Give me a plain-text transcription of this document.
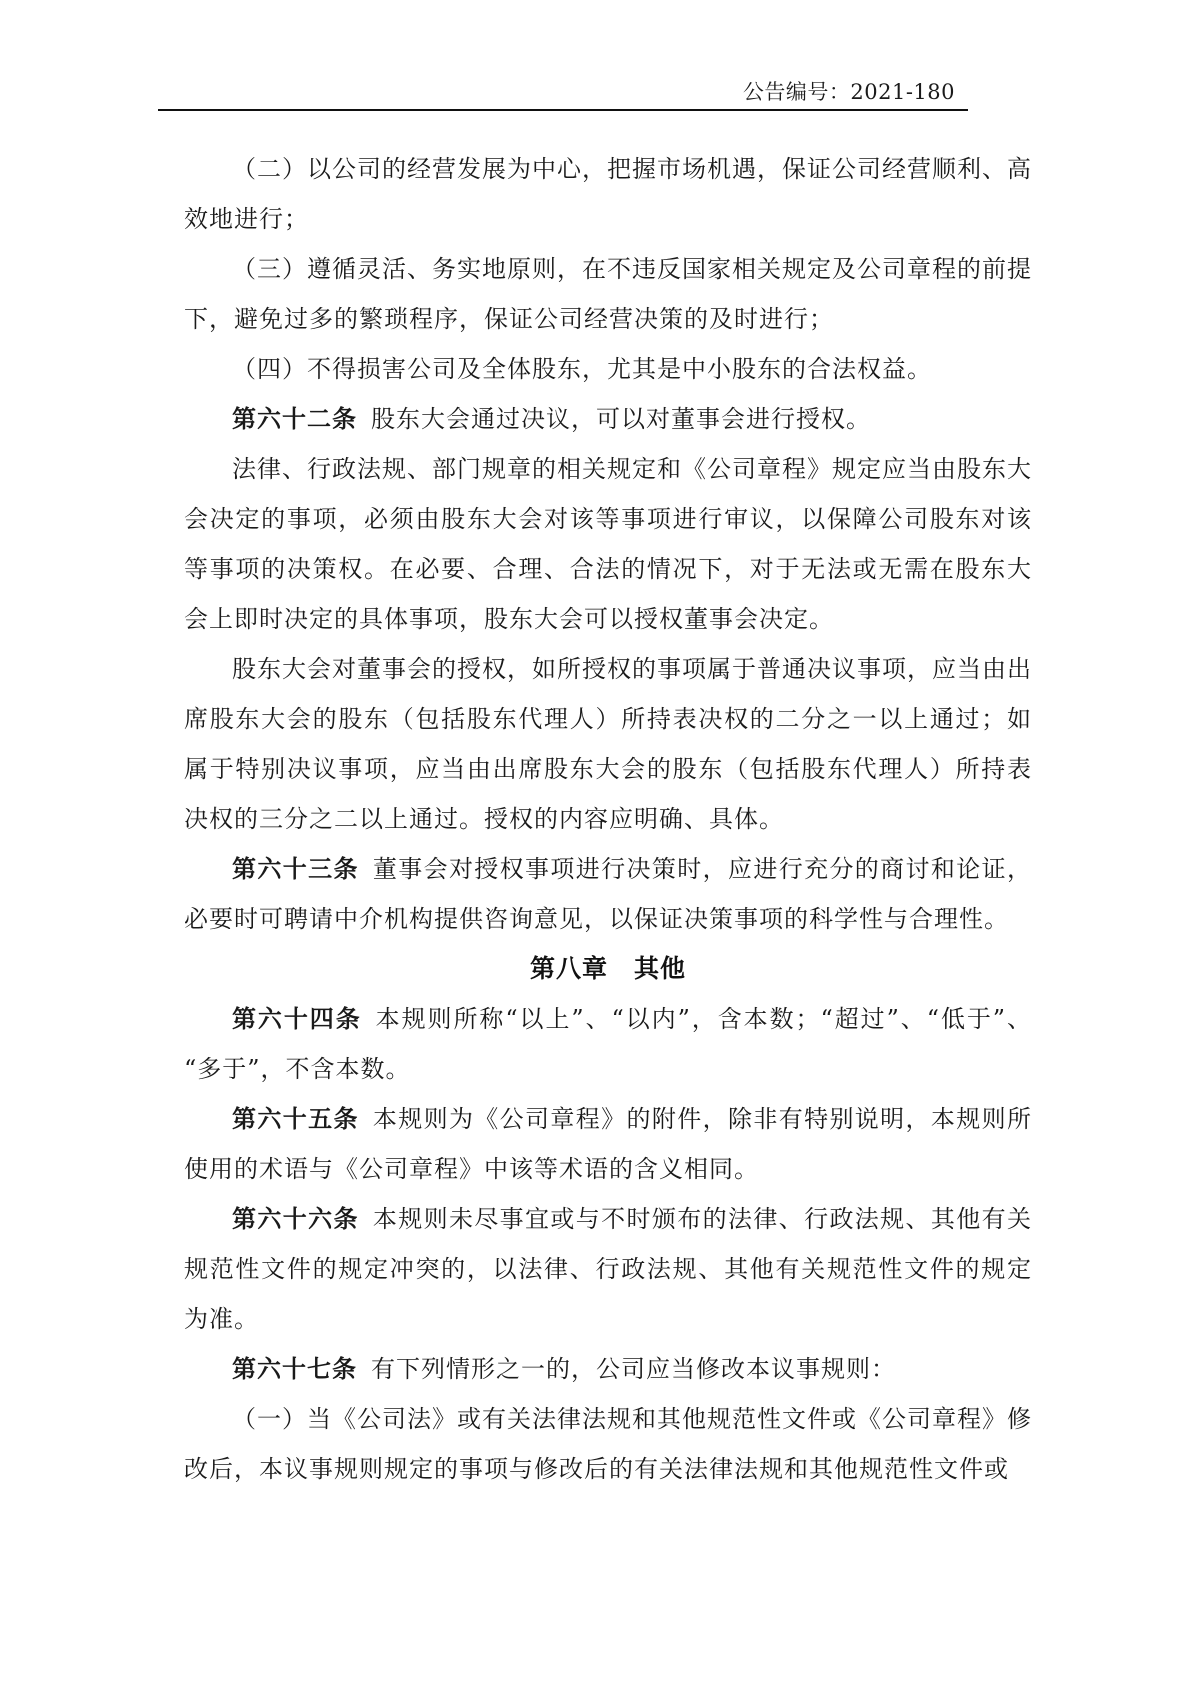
公告编号：2021-180

（二）以公司的经营发展为中心，把握市场机遇，保证公司经营顺利、高效地进行；

（三）遵循灵活、务实地原则，在不违反国家相关规定及公司章程的前提下，避免过多的繁琐程序，保证公司经营决策的及时进行；

（四）不得损害公司及全体股东，尤其是中小股东的合法权益。

第六十二条 股东大会通过决议，可以对董事会进行授权。

法律、行政法规、部门规章的相关规定和《公司章程》规定应当由股东大会决定的事项，必须由股东大会对该等事项进行审议，以保障公司股东对该等事项的决策权。在必要、合理、合法的情况下，对于无法或无需在股东大会上即时决定的具体事项，股东大会可以授权董事会决定。

股东大会对董事会的授权，如所授权的事项属于普通决议事项，应当由出席股东大会的股东（包括股东代理人）所持表决权的二分之一以上通过；如属于特别决议事项，应当由出席股东大会的股东（包括股东代理人）所持表决权的三分之二以上通过。授权的内容应明确、具体。

第六十三条 董事会对授权事项进行决策时，应进行充分的商讨和论证，必要时可聘请中介机构提供咨询意见，以保证决策事项的科学性与合理性。

第八章　其他

第六十四条 本规则所称“以上”、“以内”，含本数；“超过”、“低于”、“多于”，不含本数。

第六十五条 本规则为《公司章程》的附件，除非有特别说明，本规则所使用的术语与《公司章程》中该等术语的含义相同。

第六十六条 本规则未尽事宜或与不时颁布的法律、行政法规、其他有关规范性文件的规定冲突的，以法律、行政法规、其他有关规范性文件的规定为准。

第六十七条 有下列情形之一的，公司应当修改本议事规则：

（一）当《公司法》或有关法律法规和其他规范性文件或《公司章程》修改后，本议事规则规定的事项与修改后的有关法律法规和其他规范性文件或
